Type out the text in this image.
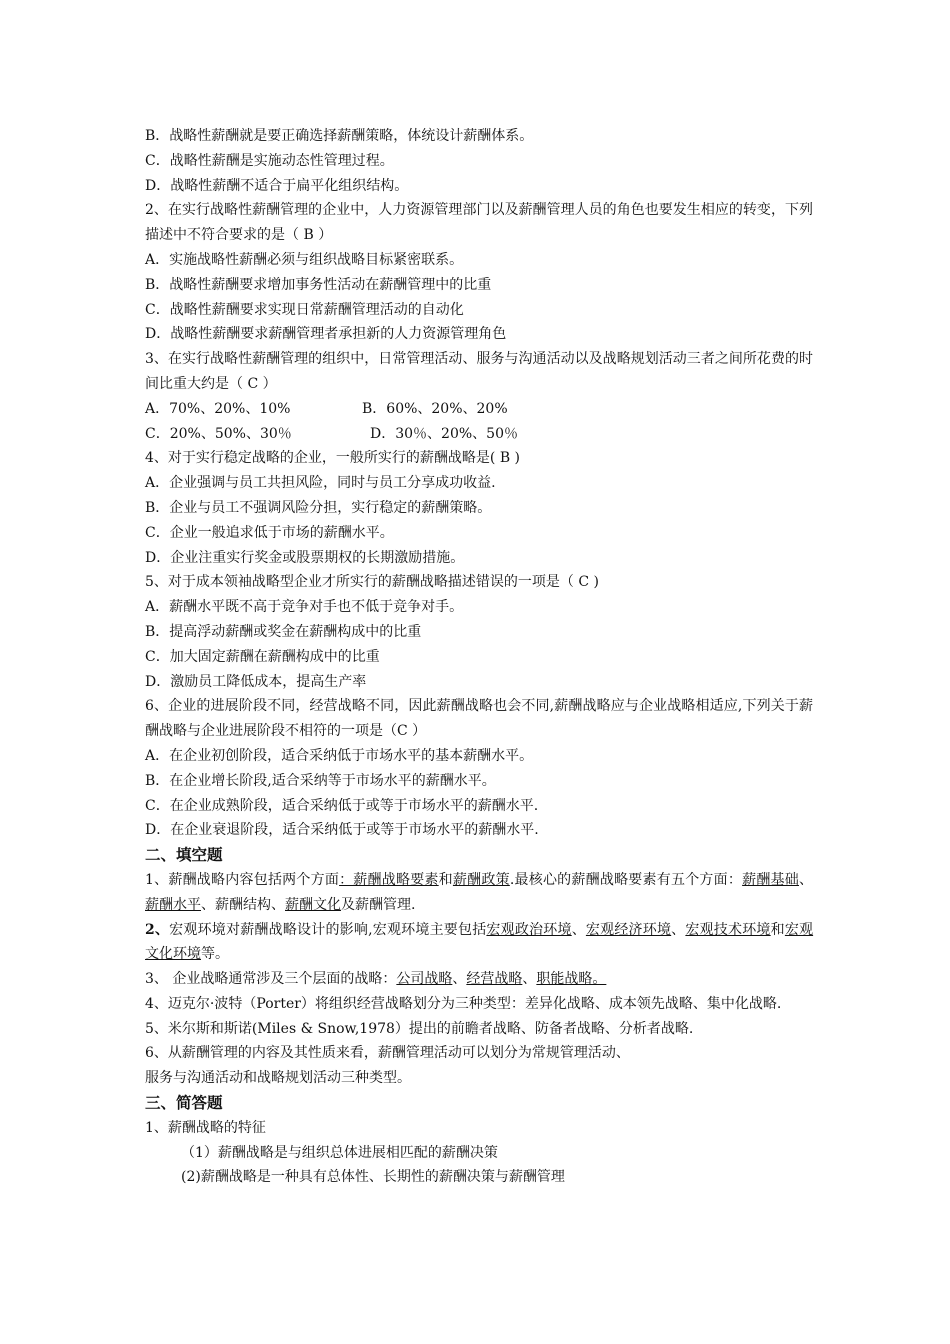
B．战略性薪酬就是要正确选择薪酬策略，体统设计薪酬体系。
C．战略性薪酬是实施动态性管理过程。
D．战略性薪酬不适合于扁平化组织结构。
2、在实行战略性薪酬管理的企业中，人力资源管理部门以及薪酬管理人员的角色也要发生相应的转变，下列描述中不符合要求的是（ B ）
A．实施战略性薪酬必须与组织战略目标紧密联系。
B．战略性薪酬要求增加事务性活动在薪酬管理中的比重
C．战略性薪酬要求实现日常薪酬管理活动的自动化
D．战略性薪酬要求薪酬管理者承担新的人力资源管理角色
3、在实行战略性薪酬管理的组织中，日常管理活动、服务与沟通活动以及战略规划活动三者之间所花费的时间比重大约是（ C ）
A．70%、20%、10%	B．60%、20%、20%
C．20%、50%、30％	D．30％、20%、50％
4、对于实行稳定战略的企业，一般所实行的薪酬战略是( B )
A．企业强调与员工共担风险，同时与员工分享成功收益.
B．企业与员工不强调风险分担，实行稳定的薪酬策略。
C．企业一般追求低于市场的薪酬水平。
D．企业注重实行奖金或股票期权的长期激励措施。
5、对于成本领袖战略型企业才所实行的薪酬战略描述错误的一项是（ C )
A．薪酬水平既不高于竞争对手也不低于竞争对手。
B．提高浮动薪酬或奖金在薪酬构成中的比重
C．加大固定薪酬在薪酬构成中的比重
D．激励员工降低成本，提高生产率
6、企业的进展阶段不同，经营战略不同，因此薪酬战略也会不同,薪酬战略应与企业战略相适应,下列关于薪酬战略与企业进展阶段不相符的一项是（C ）
A．在企业初创阶段，适合采纳低于市场水平的基本薪酬水平。
B．在企业增长阶段,适合采纳等于市场水平的薪酬水平。
C．在企业成熟阶段，适合采纳低于或等于市场水平的薪酬水平.
D．在企业衰退阶段，适合采纳低于或等于市场水平的薪酬水平.
二、填空题
1、薪酬战略内容包括两个方面：薪酬战略要素和薪酬政策.最核心的薪酬战略要素有五个方面：薪酬基础、薪酬水平、薪酬结构、薪酬文化及薪酬管理.
2、宏观环境对薪酬战略设计的影响,宏观环境主要包括宏观政治环境、宏观经济环境、宏观技术环境和宏观文化环境等。
3、 企业战略通常涉及三个层面的战略：公司战略、经营战略、职能战略。
4、迈克尔·波特（Porter）将组织经营战略划分为三种类型：差异化战略、成本领先战略、集中化战略.
5、米尔斯和斯诺(Miles & Snow,1978）提出的前瞻者战略、防备者战略、分析者战略.
6、从薪酬管理的内容及其性质来看，薪酬管理活动可以划分为常规管理活动、
服务与沟通活动和战略规划活动三种类型。
三、简答题
1、薪酬战略的特征
（1）薪酬战略是与组织总体进展相匹配的薪酬决策
(2)薪酬战略是一种具有总体性、长期性的薪酬决策与薪酬管理
